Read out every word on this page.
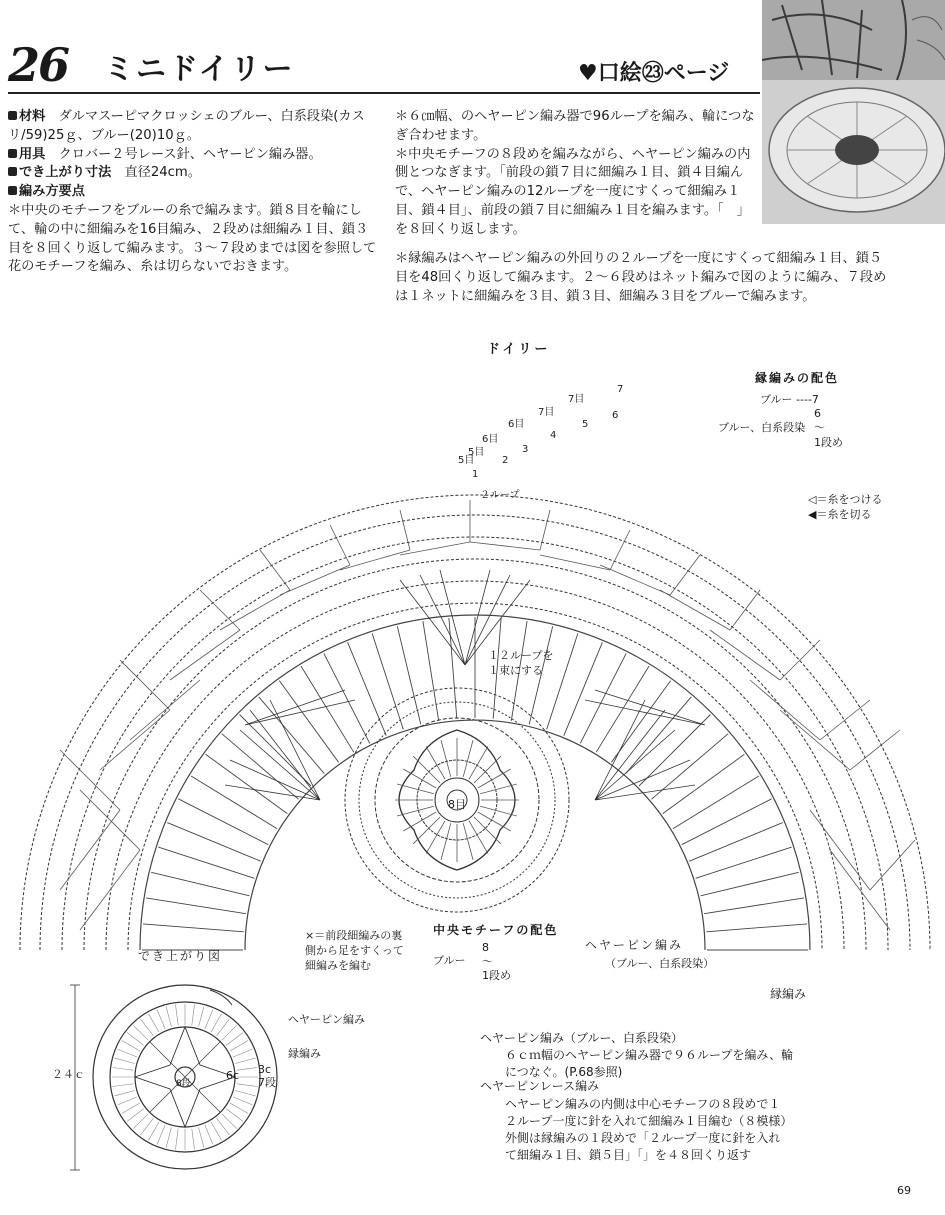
26 ミニドイリー	♥口絵㉓ページ

材料　 ダルマスーピマクロッシェのブルー、白系段染(カスリ/59)25ｇ、ブルー(20)10ｇ。

用具　 クロバー２号レース針、ヘヤーピン編み器。

でき上がり寸法　 直径24cm。

編み方要点

＊中央のモチーフをブルーの糸で編みます。鎖８目を輪にして、輪の中に細編みを16目編み、２段めは細編み１目、鎖３目を８回くり返して編みます。３〜７段めまでは図を参照して花のモチーフを編み、糸は切らないでおきます。

＊６㎝幅、のヘヤーピン編み器で96ループを編み、輪につなぎ合わせます。

＊中央モチーフの８段めを編みながら、ヘヤーピン編みの内側とつなぎます。「前段の鎖７目に細編み１目、鎖４目編んで、ヘヤーピン編みの12ループを一度にすくって細編み１目、鎖４目」、前段の鎖７目に細編み１目を編みます。「　」を８回くり返します。

＊縁編みはヘヤーピン編みの外回りの２ループを一度にすくって細編み１目、鎖５目を48回くり返して編みます。２〜６段めはネット編みで図のように編み、７段めは１ネットに細編みを３目、鎖３目、細編み３目をブルーで編みます。
5目
5目
6目
6目
7目
7目
1
2
3
4
5
6
7
２ループ
ドイリー
１２ループを１束にする
縁編みの配色
ブルー ----7
ブルー、白系段染
6
〜
1段め
◁＝糸をつける
◀＝糸を切る
×＝前段細編みの裏側から足をすくって細編みを編む
中央モチーフの配色
ブルー
8
〜
1段め
8目
ヘヤーピン編み
（ブルー、白系段染）
縁編み
でき上がり図
ヘヤーピン編み
縁編み
２４ｃ	6c 3c
7段
8段
ヘヤーピン編み（ブルー、白系段染）
６ｃｍ幅のヘヤーピン編み器で９６ループを編み、輪につなぐ。(P.68参照)
ヘヤーピンレース編み
ヘヤーピン編みの内側は中心モチーフの８段めで１２ループ一度に針を入れて細編み１目編む（８模様）外側は縁編みの１段めで「２ループ一度に針を入れて細編み１目、鎖５目」「」を４８回くり返す
69
